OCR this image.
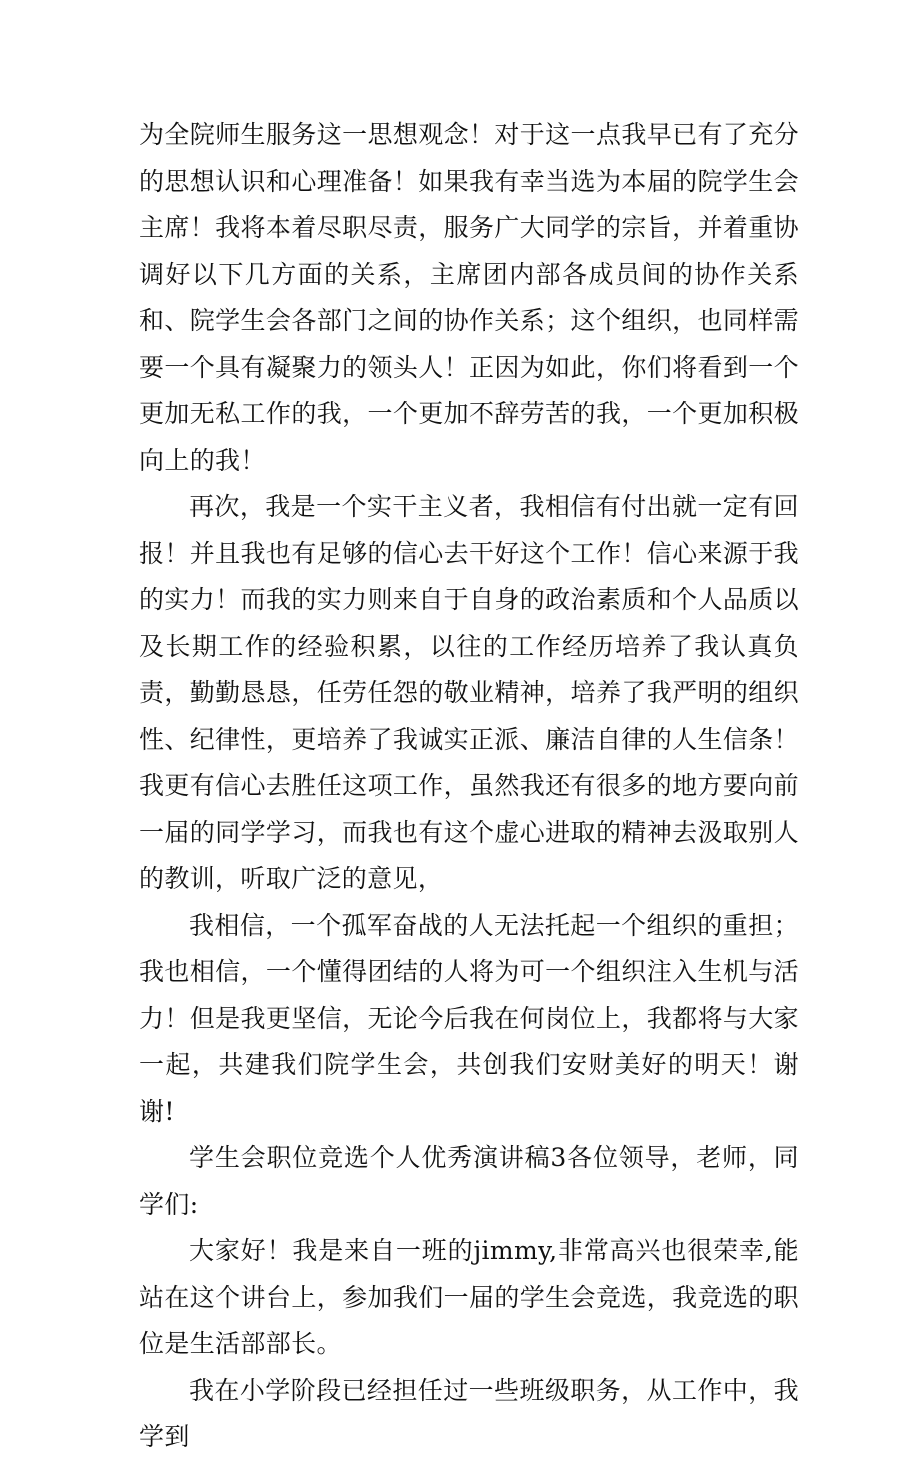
为全院师生服务这一思想观念！对于这一点我早已有了充分的思想认识和心理准备！如果我有幸当选为本届的院学生会主席！我将本着尽职尽责，服务广大同学的宗旨，并着重协调好以下几方面的关系，主席团内部各成员间的协作关系和、院学生会各部门之间的协作关系；这个组织，也同样需要一个具有凝聚力的领头人！正因为如此，你们将看到一个更加无私工作的我，一个更加不辞劳苦的我，一个更加积极向上的我！

再次，我是一个实干主义者，我相信有付出就一定有回报！并且我也有足够的信心去干好这个工作！信心来源于我的实力！而我的实力则来自于自身的政治素质和个人品质以及长期工作的经验积累，以往的工作经历培养了我认真负责，勤勤恳恳，任劳任怨的敬业精神，培养了我严明的组织性、纪律性，更培养了我诚实正派、廉洁自律的人生信条！我更有信心去胜任这项工作，虽然我还有很多的地方要向前一届的同学学习，而我也有这个虚心进取的精神去汲取别人的教训，听取广泛的意见，

我相信，一个孤军奋战的人无法托起一个组织的重担；我也相信，一个懂得团结的人将为可一个组织注入生机与活力！但是我更坚信，无论今后我在何岗位上，我都将与大家一起，共建我们院学生会，共创我们安财美好的明天！谢谢!

学生会职位竞选个人优秀演讲稿3各位领导，老师，同学们:

大家好！我是来自一班的jimmy,非常高兴也很荣幸,能站在这个讲台上，参加我们一届的学生会竞选，我竞选的职位是生活部部长。

我在小学阶段已经担任过一些班级职务，从工作中，我学到
